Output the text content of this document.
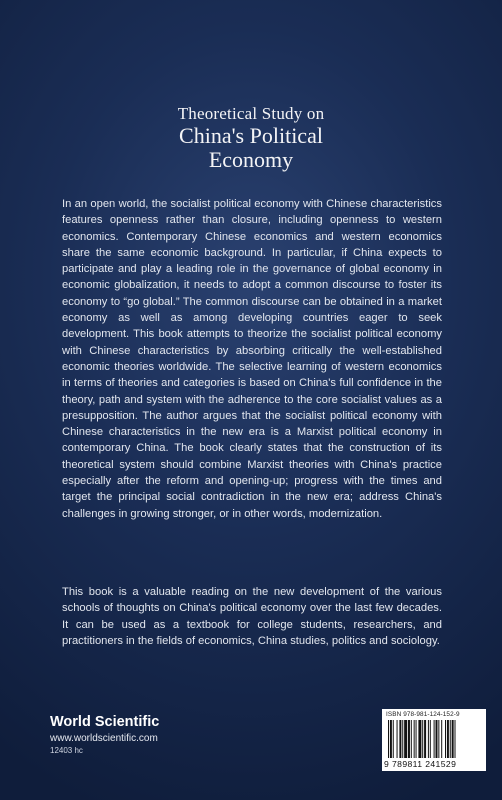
Theoretical Study on
China's Political
Economy

In an open world, the socialist political economy with Chinese characteristics features openness rather than closure, including openness to western economics. Contemporary Chinese economics and western economics share the same economic background. In particular, if China expects to participate and play a leading role in the governance of global economy in economic globalization, it needs to adopt a common discourse to foster its economy to “go global.” The common discourse can be obtained in a market economy as well as among developing countries eager to seek development. This book attempts to theorize the socialist political economy with Chinese characteristics by absorbing critically the well-established economic theories worldwide. The selective learning of western economics in terms of theories and categories is based on China's full confidence in the theory, path and system with the adherence to the core socialist values as a presupposition. The author argues that the socialist political economy with Chinese characteristics in the new era is a Marxist political economy in contemporary China. The book clearly states that the construction of its theoretical system should combine Marxist theories with China's practice especially after the reform and opening-up; progress with the times and target the principal social contradiction in the new era; address China's challenges in growing stronger, or in other words, modernization.

This book is a valuable reading on the new development of the various schools of thoughts on China's political economy over the last few decades. It can be used as a textbook for college students, researchers, and practitioners in the fields of economics, China studies, politics and sociology.

World Scientific
www.worldscientific.com
12403 hc
ISBN 978-981-124-152-9
9 789811 241529
